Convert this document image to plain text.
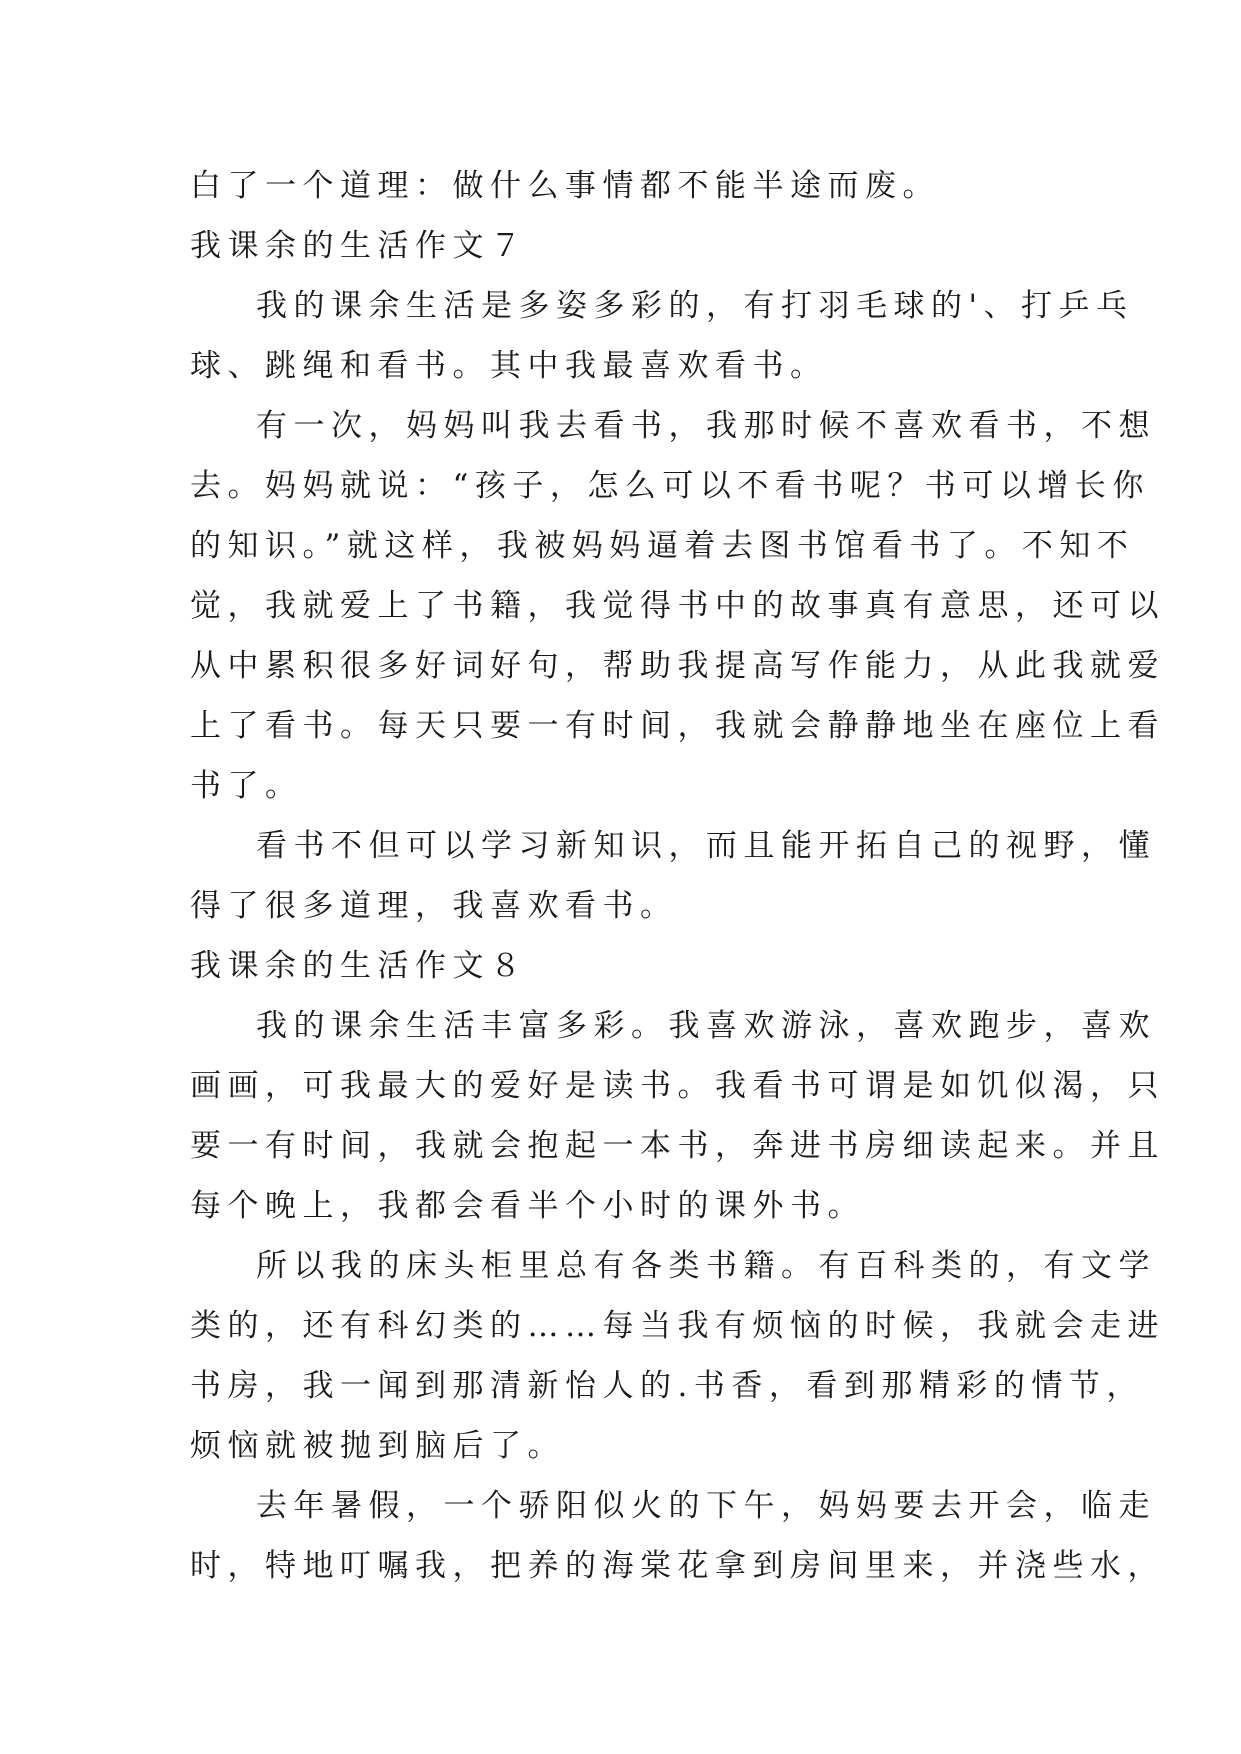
白了一个道理：做什么事情都不能半途而废。
我课余的生活作文７
我的课余生活是多姿多彩的，有打羽毛球的'、打乒乓
球、跳绳和看书。其中我最喜欢看书。
有一次，妈妈叫我去看书，我那时候不喜欢看书，不想
去。妈妈就说：“孩子，怎么可以不看书呢？书可以增长你
的知识。”就这样，我被妈妈逼着去图书馆看书了。不知不
觉，我就爱上了书籍，我觉得书中的故事真有意思，还可以
从中累积很多好词好句，帮助我提高写作能力，从此我就爱
上了看书。每天只要一有时间，我就会静静地坐在座位上看
书了。
看书不但可以学习新知识，而且能开拓自己的视野，懂
得了很多道理，我喜欢看书。
我课余的生活作文８
我的课余生活丰富多彩。我喜欢游泳，喜欢跑步，喜欢
画画，可我最大的爱好是读书。我看书可谓是如饥似渴，只
要一有时间，我就会抱起一本书，奔进书房细读起来。并且
每个晚上，我都会看半个小时的课外书。
所以我的床头柜里总有各类书籍。有百科类的，有文学
类的，还有科幻类的……每当我有烦恼的时候，我就会走进
书房，我一闻到那清新怡人的.书香，看到那精彩的情节，
烦恼就被抛到脑后了。
去年暑假，一个骄阳似火的下午，妈妈要去开会，临走
时，特地叮嘱我，把养的海棠花拿到房间里来，并浇些水，
